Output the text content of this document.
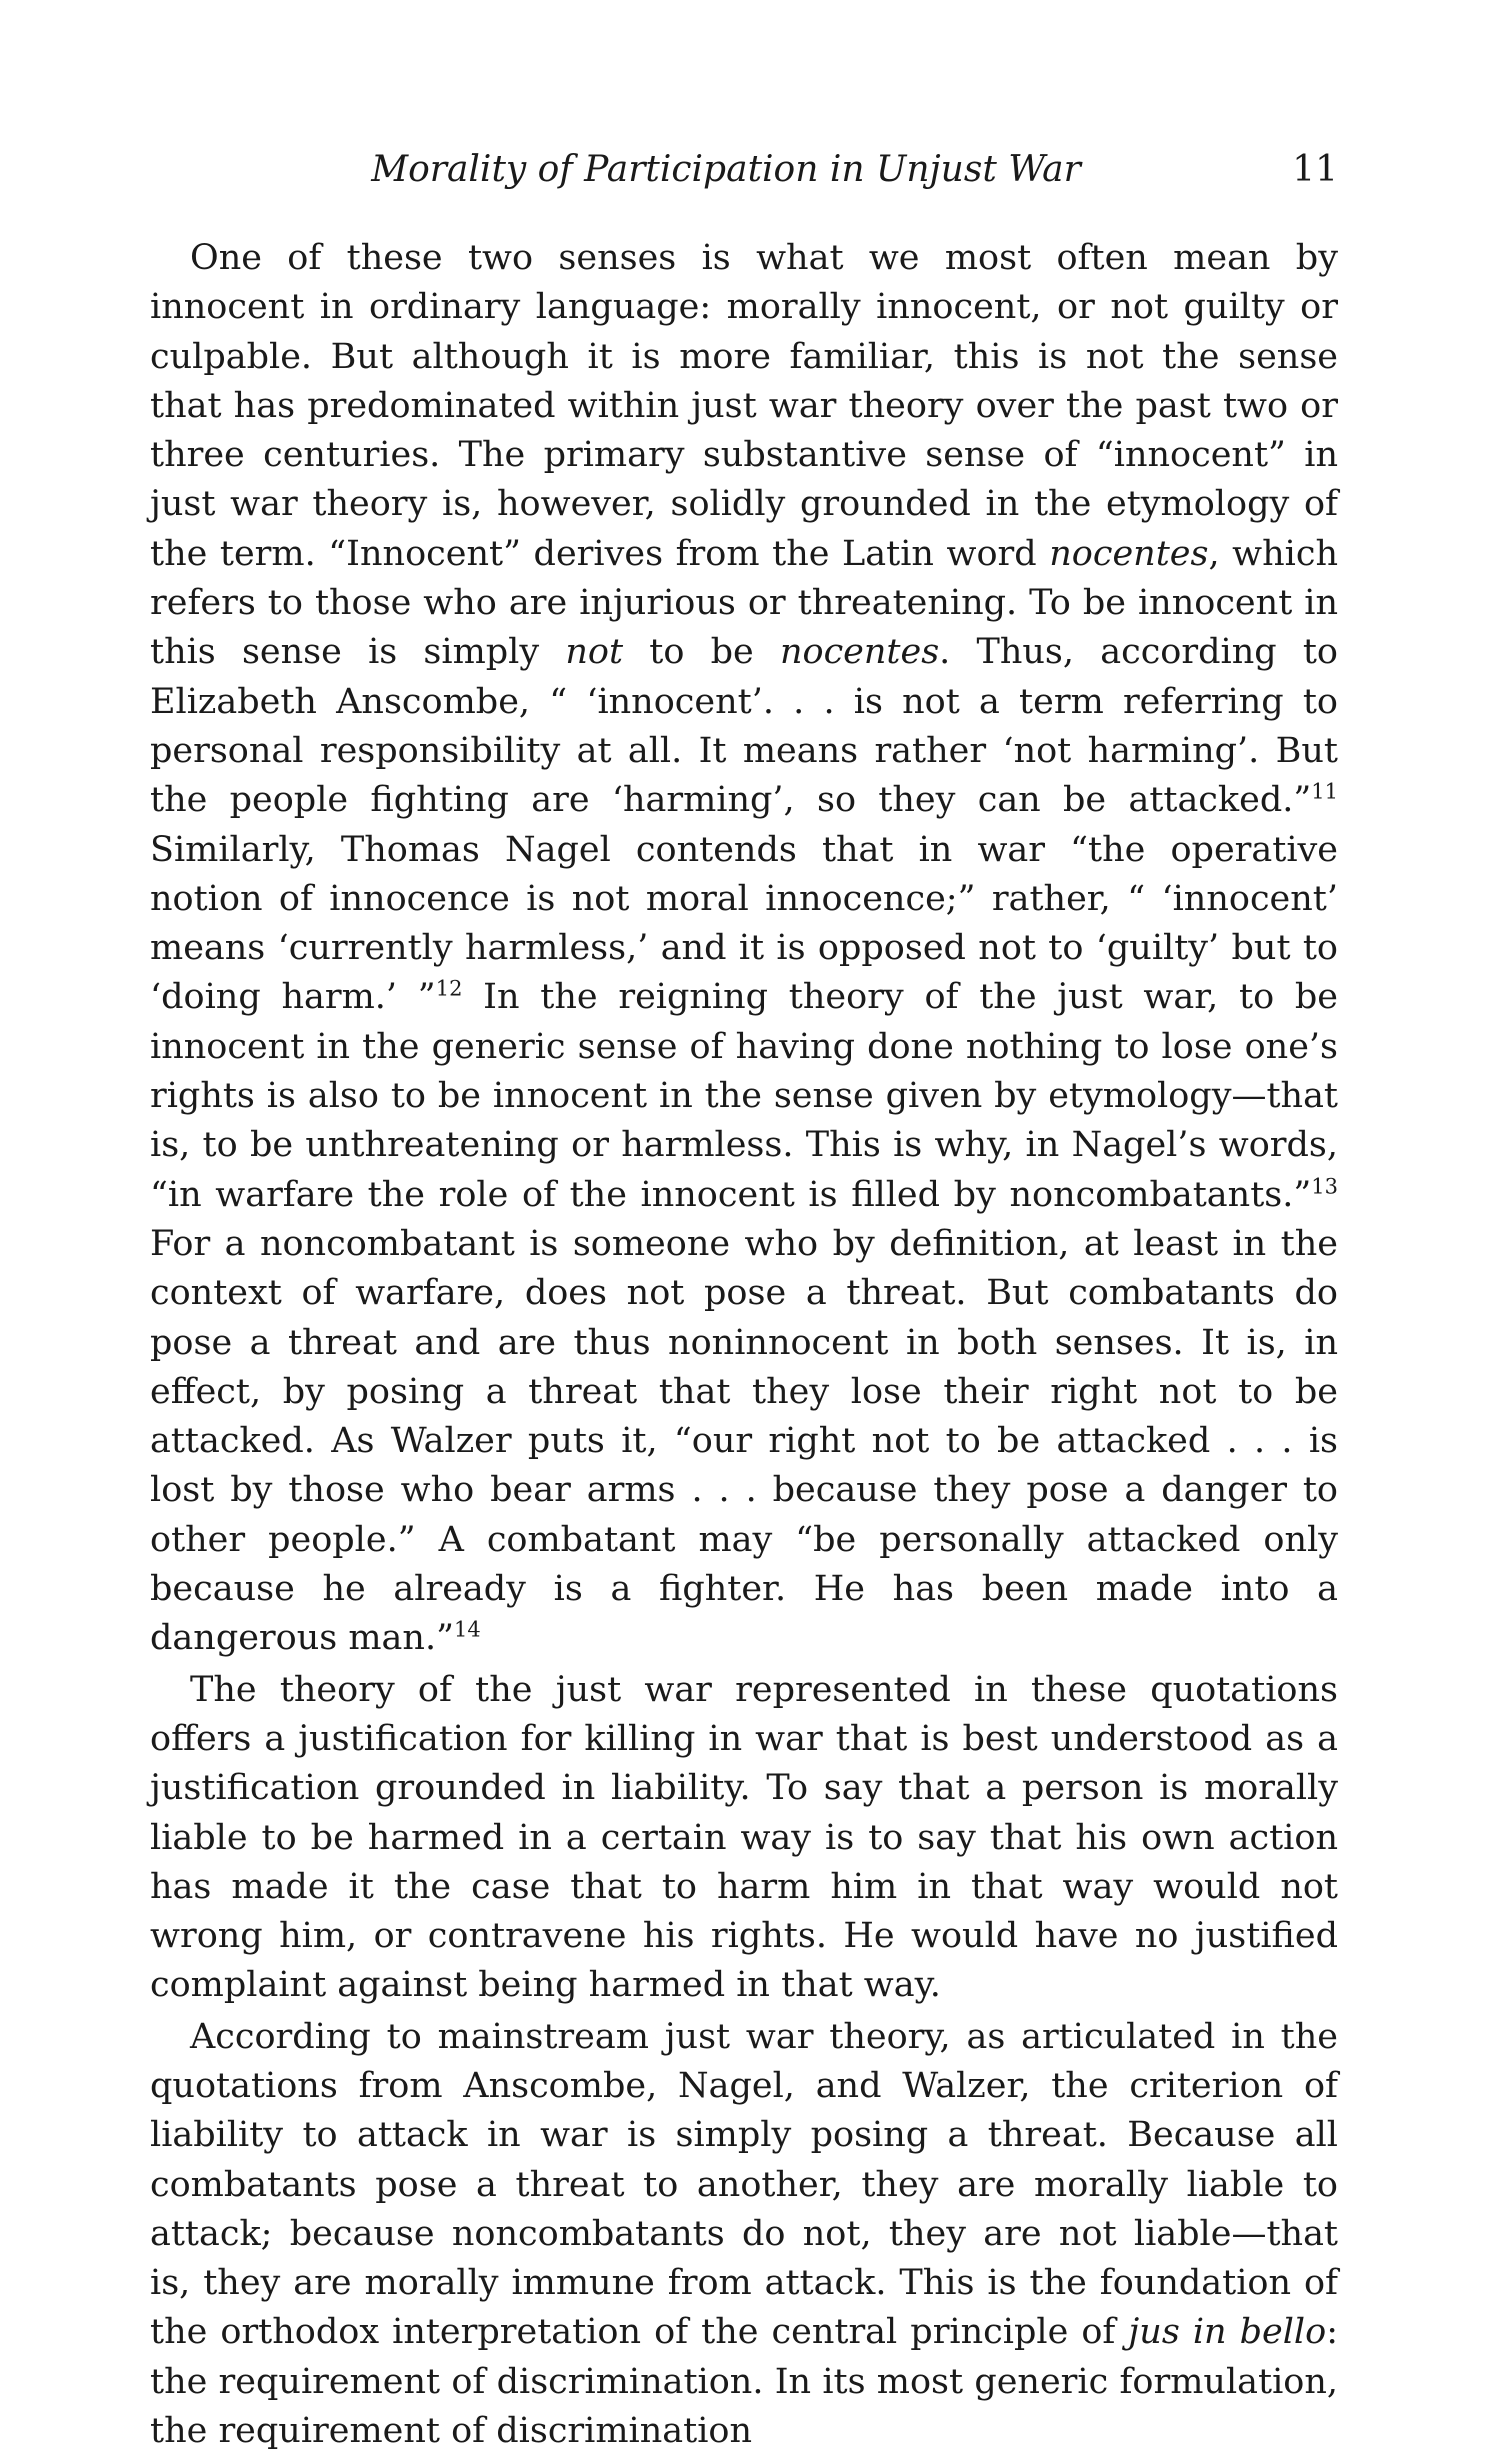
Morality of Participation in Unjust War	11

One of these two senses is what we most often mean by innocent in ordinary language: morally innocent, or not guilty or culpable. But although it is more familiar, this is not the sense that has predominated within just war theory over the past two or three centuries. The primary substantive sense of “innocent” in just war theory is, however, solidly grounded in the etymology of the term. “Innocent” derives from the Latin word nocentes, which refers to those who are injurious or threatening. To be innocent in this sense is simply not to be nocentes. Thus, according to Elizabeth Anscombe, “ ‘innocent’. . . is not a term referring to personal responsibility at all. It means rather ‘not harming’. But the people fighting are ‘harming’, so they can be attacked.”$^{11}$ Similarly, Thomas Nagel contends that in war “the operative notion of innocence is not moral innocence;” rather, “ ‘innocent’ means ‘currently harmless,’ and it is opposed not to ‘guilty’ but to ‘doing harm.’ ”$^{12}$ In the reigning theory of the just war, to be innocent in the generic sense of having done nothing to lose one’s rights is also to be innocent in the sense given by etymology—that is, to be unthreatening or harmless. This is why, in Nagel’s words, “in warfare the role of the innocent is filled by noncombatants.”$^{13}$ For a noncombatant is someone who by definition, at least in the context of warfare, does not pose a threat. But combatants do pose a threat and are thus noninnocent in both senses. It is, in effect, by posing a threat that they lose their right not to be attacked. As Walzer puts it, “our right not to be attacked . . . is lost by those who bear arms . . . because they pose a danger to other people.” A combatant may “be personally attacked only because he already is a fighter. He has been made into a dangerous man.”$^{14}$

The theory of the just war represented in these quotations offers a justification for killing in war that is best understood as a justification grounded in liability. To say that a person is morally liable to be harmed in a certain way is to say that his own action has made it the case that to harm him in that way would not wrong him, or contravene his rights. He would have no justified complaint against being harmed in that way.

According to mainstream just war theory, as articulated in the quotations from Anscombe, Nagel, and Walzer, the criterion of liability to attack in war is simply posing a threat. Because all combatants pose a threat to another, they are morally liable to attack; because noncombatants do not, they are not liable—that is, they are morally immune from attack. This is the foundation of the orthodox interpretation of the central principle of jus in bello: the requirement of discrimination. In its most generic formulation, the requirement of discrimination
